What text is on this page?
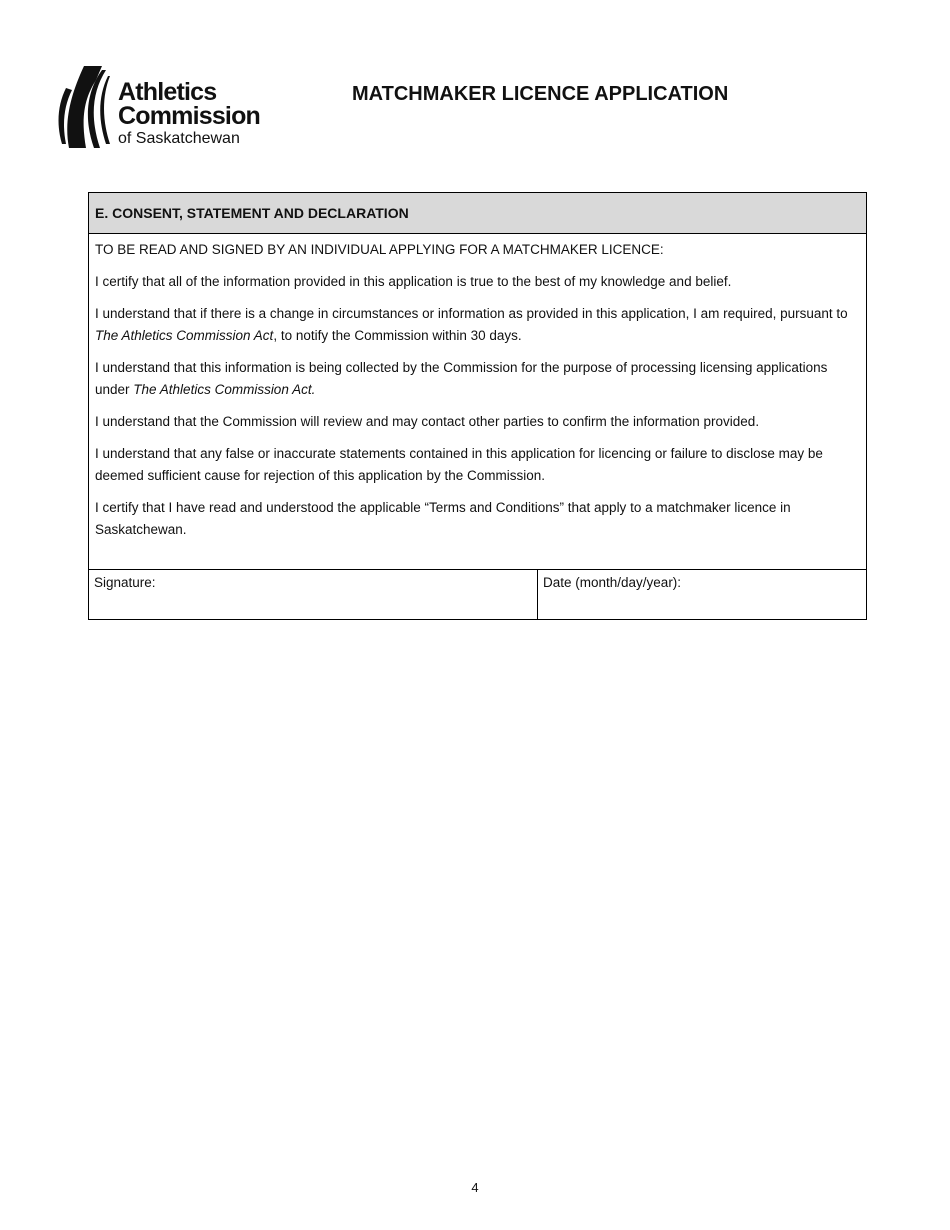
Athletics
Commission
of Saskatchewan
MATCHMAKER LICENCE APPLICATION
E. CONSENT, STATEMENT AND DECLARATION

TO BE READ AND SIGNED BY AN INDIVIDUAL APPLYING FOR A MATCHMAKER LICENCE:

I certify that all of the information provided in this application is true to the best of my knowledge and belief.

I understand that if there is a change in circumstances or information as provided in this application, I am required, pursuant to The Athletics Commission Act, to notify the Commission within 30 days.

I understand that this information is being collected by the Commission for the purpose of processing licensing applications under The Athletics Commission Act.

I understand that the Commission will review and may contact other parties to confirm the information provided.

I understand that any false or inaccurate statements contained in this application for licencing or failure to disclose may be deemed sufficient cause for rejection of this application by the Commission.

I certify that I have read and understood the applicable “Terms and Conditions” that apply to a matchmaker licence in Saskatchewan.

Signature:	Date (month/day/year):
4
